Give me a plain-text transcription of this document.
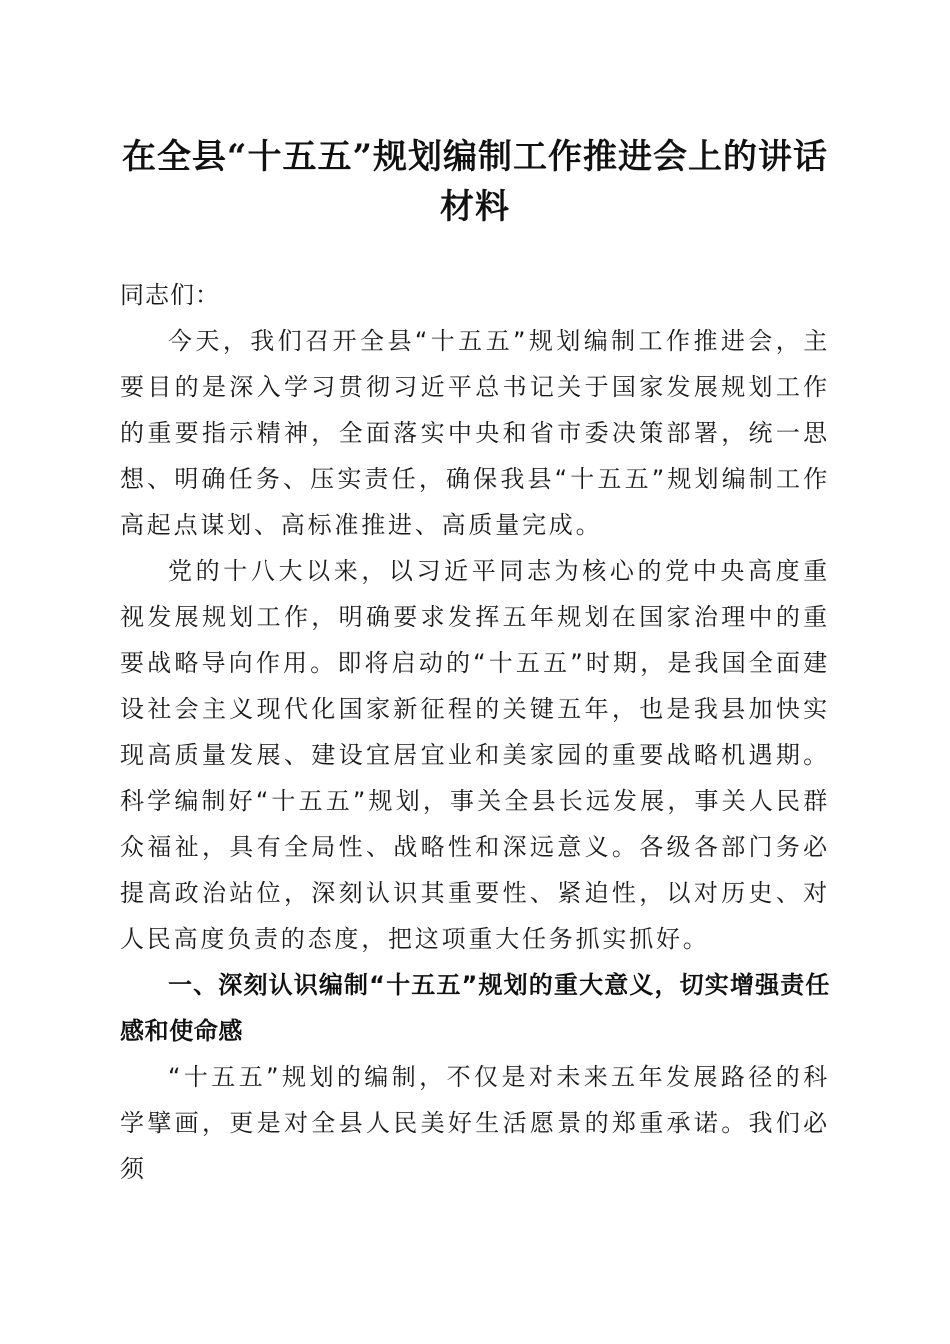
在全县“十五五”规划编制工作推进会上的讲话材料
同志们：

今天，我们召开全县“十五五”规划编制工作推进会，主要目的是深入学习贯彻习近平总书记关于国家发展规划工作的重要指示精神，全面落实中央和省市委决策部署，统一思想、明确任务、压实责任，确保我县“十五五”规划编制工作高起点谋划、高标准推进、高质量完成。

党的十八大以来，以习近平同志为核心的党中央高度重视发展规划工作，明确要求发挥五年规划在国家治理中的重要战略导向作用。即将启动的“十五五”时期，是我国全面建设社会主义现代化国家新征程的关键五年，也是我县加快实现高质量发展、建设宜居宜业和美家园的重要战略机遇期。科学编制好“十五五”规划，事关全县长远发展，事关人民群众福祉，具有全局性、战略性和深远意义。各级各部门务必提高政治站位，深刻认识其重要性、紧迫性，以对历史、对人民高度负责的态度，把这项重大任务抓实抓好。

一、深刻认识编制“十五五”规划的重大意义，切实增强责任感和使命感

“十五五”规划的编制，不仅是对未来五年发展路径的科学擘画，更是对全县人民美好生活愿景的郑重承诺。我们必须
